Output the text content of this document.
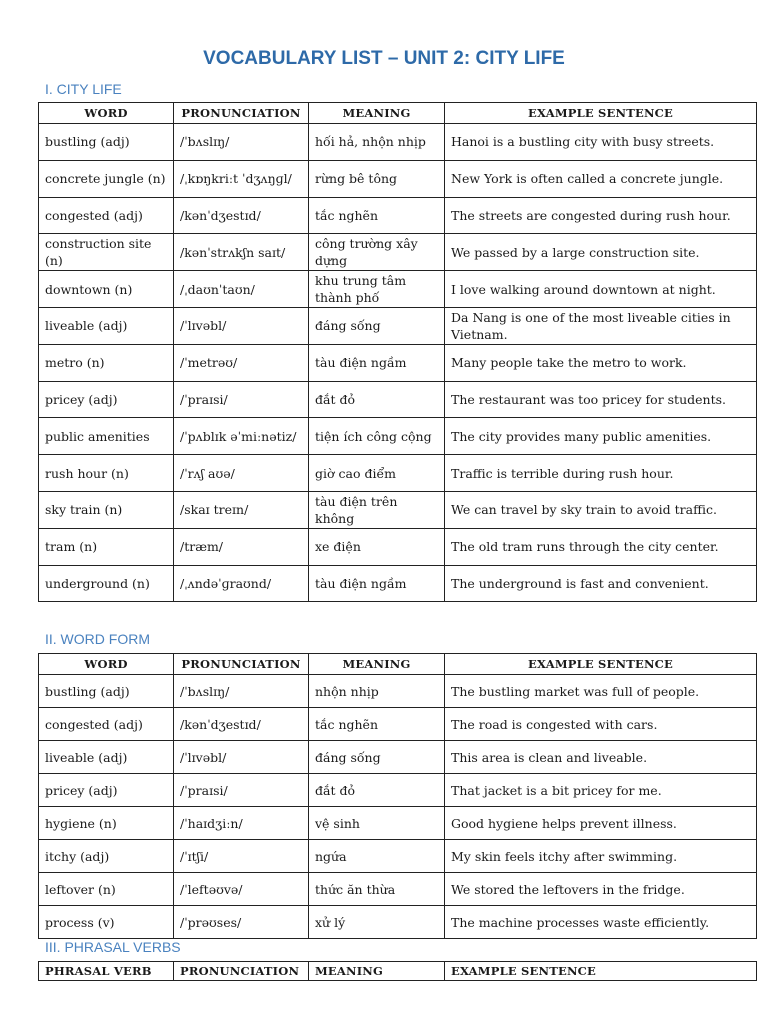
VOCABULARY LIST – UNIT 2: CITY LIFE
I. CITY LIFE
WORD	PRONUNCIATION	MEANING	EXAMPLE SENTENCE
bustling (adj)	/ˈbʌslɪŋ/	hối hả, nhộn nhịp	Hanoi is a bustling city with busy streets.
concrete jungle (n)	/ˌkɒŋkriːt ˈdʒʌŋɡl/	rừng bê tông	New York is often called a concrete jungle.
congested (adj)	/kənˈdʒestɪd/	tắc nghẽn	The streets are congested during rush hour.
construction site (n)	/kənˈstrʌkʃn saɪt/	công trường xây dựng	We passed by a large construction site.
downtown (n)	/ˌdaʊnˈtaʊn/	khu trung tâm thành phố	I love walking around downtown at night.
liveable (adj)	/ˈlɪvəbl/	đáng sống	Da Nang is one of the most liveable cities in Vietnam.
metro (n)	/ˈmetrəʊ/	tàu điện ngầm	Many people take the metro to work.
pricey (adj)	/ˈpraɪsi/	đắt đỏ	The restaurant was too pricey for students.
public amenities	/ˈpʌblɪk əˈmiːnətiz/	tiện ích công cộng	The city provides many public amenities.
rush hour (n)	/ˈrʌʃ aʊə/	giờ cao điểm	Traffic is terrible during rush hour.
sky train (n)	/skaɪ treɪn/	tàu điện trên không	We can travel by sky train to avoid traffic.
tram (n)	/træm/	xe điện	The old tram runs through the city center.
underground (n)	/ˌʌndəˈɡraʊnd/	tàu điện ngầm	The underground is fast and convenient.
II. WORD FORM
WORD	PRONUNCIATION	MEANING	EXAMPLE SENTENCE
bustling (adj)	/ˈbʌslɪŋ/	nhộn nhịp	The bustling market was full of people.
congested (adj)	/kənˈdʒestɪd/	tắc nghẽn	The road is congested with cars.
liveable (adj)	/ˈlɪvəbl/	đáng sống	This area is clean and liveable.
pricey (adj)	/ˈpraɪsi/	đắt đỏ	That jacket is a bit pricey for me.
hygiene (n)	/ˈhaɪdʒiːn/	vệ sinh	Good hygiene helps prevent illness.
itchy (adj)	/ˈɪtʃi/	ngứa	My skin feels itchy after swimming.
leftover (n)	/ˈleftəʊvə/	thức ăn thừa	We stored the leftovers in the fridge.
process (v)	/ˈprəʊses/	xử lý	The machine processes waste efficiently.
III. PHRASAL VERBS
PHRASAL VERB	PRONUNCIATION	MEANING	EXAMPLE SENTENCE
